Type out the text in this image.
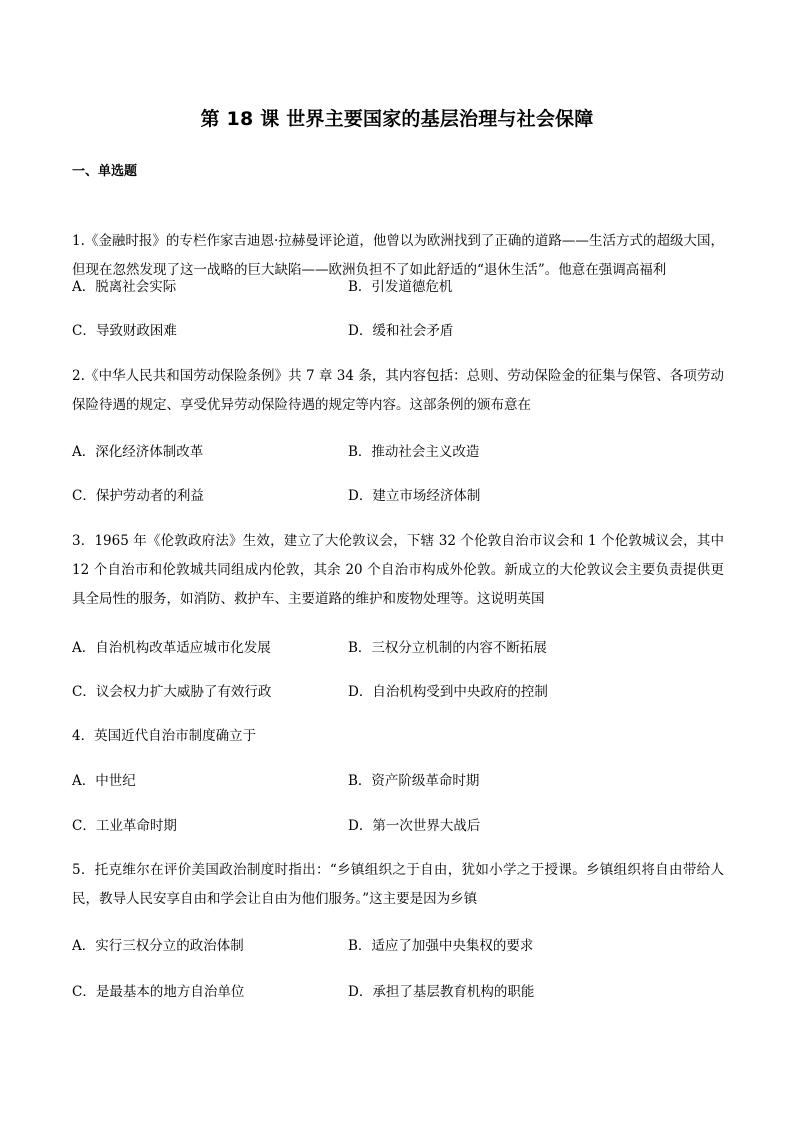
第 18 课 世界主要国家的基层治理与社会保障
一、单选题
1.《金融时报》的专栏作家吉迪恩·拉赫曼评论道，他曾以为欧洲找到了正确的道路——生活方式的超级大国，但现在忽然发现了这一战略的巨大缺陷——欧洲负担不了如此舒适的“退休生活”。他意在强调高福利
A．脱离社会实际	B．引发道德危机
C．导致财政困难	D．缓和社会矛盾
2.《中华人民共和国劳动保险条例》共 7 章 34 条，其内容包括：总则、劳动保险金的征集与保管、各项劳动保险待遇的规定、享受优异劳动保险待遇的规定等内容。这部条例的颁布意在
A．深化经济体制改革	B．推动社会主义改造
C．保护劳动者的利益	D．建立市场经济体制
3．1965 年《伦敦政府法》生效，建立了大伦敦议会，下辖 32 个伦敦自治市议会和 1 个伦敦城议会，其中 12 个自治市和伦敦城共同组成内伦敦，其余 20 个自治市构成外伦敦。新成立的大伦敦议会主要负责提供更具全局性的服务，如消防、救护车、主要道路的维护和废物处理等。这说明英国
A．自治机构改革适应城市化发展	B．三权分立机制的内容不断拓展
C．议会权力扩大威胁了有效行政	D．自治机构受到中央政府的控制
4．英国近代自治市制度确立于
A．中世纪	B．资产阶级革命时期
C．工业革命时期	D．第一次世界大战后
5．托克维尔在评价美国政治制度时指出：“乡镇组织之于自由，犹如小学之于授课。乡镇组织将自由带给人民，教导人民安享自由和学会让自由为他们服务。”这主要是因为乡镇
A．实行三权分立的政治体制	B．适应了加强中央集权的要求
C．是最基本的地方自治单位	D．承担了基层教育机构的职能
